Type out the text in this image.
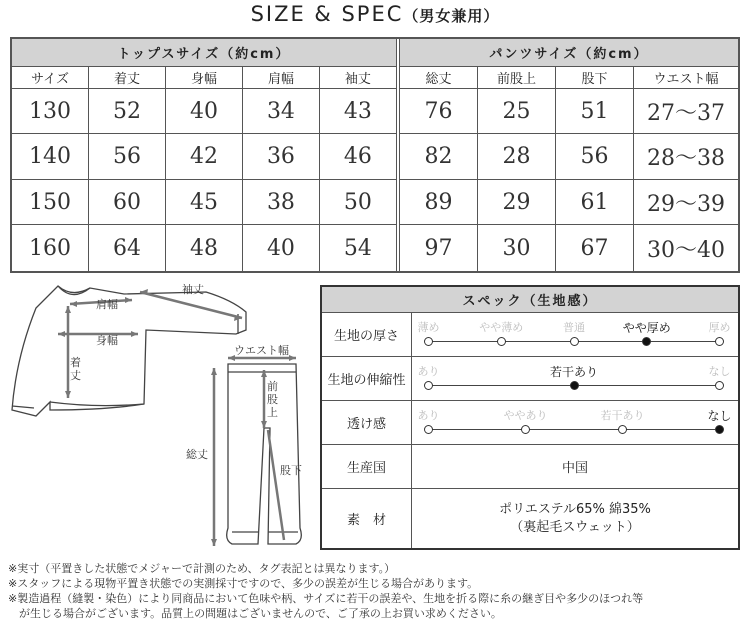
SIZE & SPEC（男女兼用）
トップスサイズ（約cm）
サイズ	着丈	身幅	肩幅	袖丈
130	52	40	34	43
140	56	42	36	46
150	60	45	38	50
160	64	48	40	54
パンツサイズ（約cm）
総丈	前股上	股下	ウエスト幅
76	25	51	27〜37
82	28	56	28〜38
89	29	61	29〜39
97	30	67	30〜40
袖丈
肩幅
身幅
着丈
ウエスト幅
前股上
総丈
股下
スペック（生地感）
生地の厚さ
薄め	やや薄め	普通	やや厚め	厚め
生地の伸縮性
あり	若干あり	なし
透け感
あり	ややあり	若干あり	なし
生産国	中国
素　材
ポリエステル65% 綿35%
（裏起毛スウェット）
※実寸（平置きした状態でメジャーで計測のため、タグ表記とは異なります。）
※スタッフによる現物平置き状態での実測採寸ですので、多少の誤差が生じる場合があります。
※製造過程（縫製・染色）により同商品において色味や柄、サイズに若干の誤差や、生地を折る際に糸の継ぎ目や多少のほつれ等
　が生じる場合がございます。品質上の問題はございませんので、ご了承の上お買い求めください。
